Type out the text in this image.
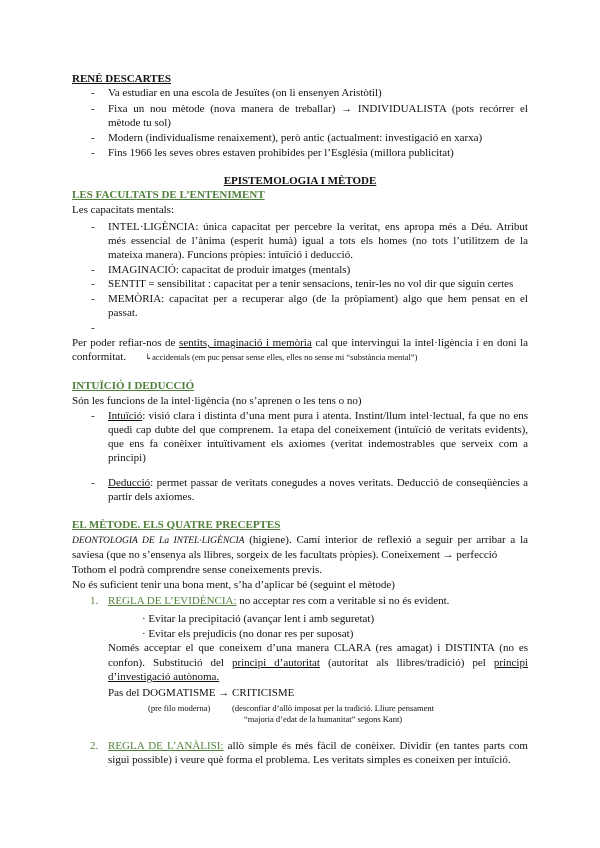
RENÉ DESCARTES
- Va estudiar en una escola de Jesuïtes (on li ensenyen Aristòtil)
- Fixa un nou mètode (nova manera de treballar) → INDIVIDUALISTA (pots recórrer el
mètode tu sol)
- Modern (individualisme renaixement), però antic (actualment: investigació en xarxa)
- Fins 1966 les seves obres estaven prohibides per l’Església (millora publicitat)
EPISTEMOLOGIA I MÈTODE
LES FACULTATS DE L’ENTENIMENT
Les capacitats mentals:
- INTEL·LIGÈNCIA: única capacitat per percebre la veritat, ens apropa més a Déu. Atribut
més essencial de l’ànima (esperit humà) igual a tots els homes (no tots l’utilitzem de la
mateixa manera). Funcions pròpies: intuïció i deducció.
- IMAGINACIÓ: capacitat de produir imatges (mentals)
- SENTIT = sensibilitat : capacitat per a tenir sensacions, tenir-les no vol dir que siguin certes
- MEMÒRIA: capacitat per a recuperar algo (de la pròpiament) algo que hem pensat en el
passat.
-
Per poder refiar-nos de sentits, imaginació i memòria cal que intervingui la intel·ligència i en doni la
conformitat. ↳accidentals (em puc pensar sense elles, elles no sense mi “substància mental”)
INTUÏCIÓ I DEDUCCIÓ
Són les funcions de la intel·ligència (no s’aprenen o les tens o no)
- Intuïció: visió clara i distinta d’una ment pura i atenta. Instint/llum intel·lectual, fa que no ens
quedi cap dubte del que comprenem. 1a etapa del coneixement (intuïció de veritats evidents),
que ens fa conèixer intuïtivament els axiomes (veritat indemostrables que serveix com a
principi)
- Deducció: permet passar de veritats conegudes a noves veritats. Deducció de conseqüències a
partir dels axiomes.
EL MÈTODE. ELS QUATRE PRECEPTES
DEONTOLOGIA DE La INTEL·LIGÈNCIA (higiene). Camí interior de reflexió a seguir per arribar a la
saviesa (que no s’ensenya als llibres, sorgeix de les facultats pròpies). Coneixement → perfecció
Tothom el podrà comprendre sense coneixements previs.
No és suficient tenir una bona ment, s’ha d’aplicar bé (seguint el mètode)
1. REGLA DE L’EVIDÈNCIA: no acceptar res com a veritable si no és evident.
· Evitar la precipitació (avançar lent i amb seguretat)
· Evitar els prejudicis (no donar res per suposat)
Només acceptar el que coneixem d’una manera CLARA (res amagat) i DISTINTA (no es
confon). Substitució del principi d’autoritat (autoritat als llibres/tradició) pel principi
d’investigació autònoma.
Pas del DOGMATISME → CRITICISME
(pre filo moderna)	(desconfiar d’allò imposat per la tradició. Lliure pensament
“majoria d’edat de la humanitat” segons Kant)
2. REGLA DE L’ANÀLISI: allò simple és més fàcil de conèixer. Dividir (en tantes parts com
sigui possible) i veure què forma el problema. Les veritats simples es coneixen per intuïció.
